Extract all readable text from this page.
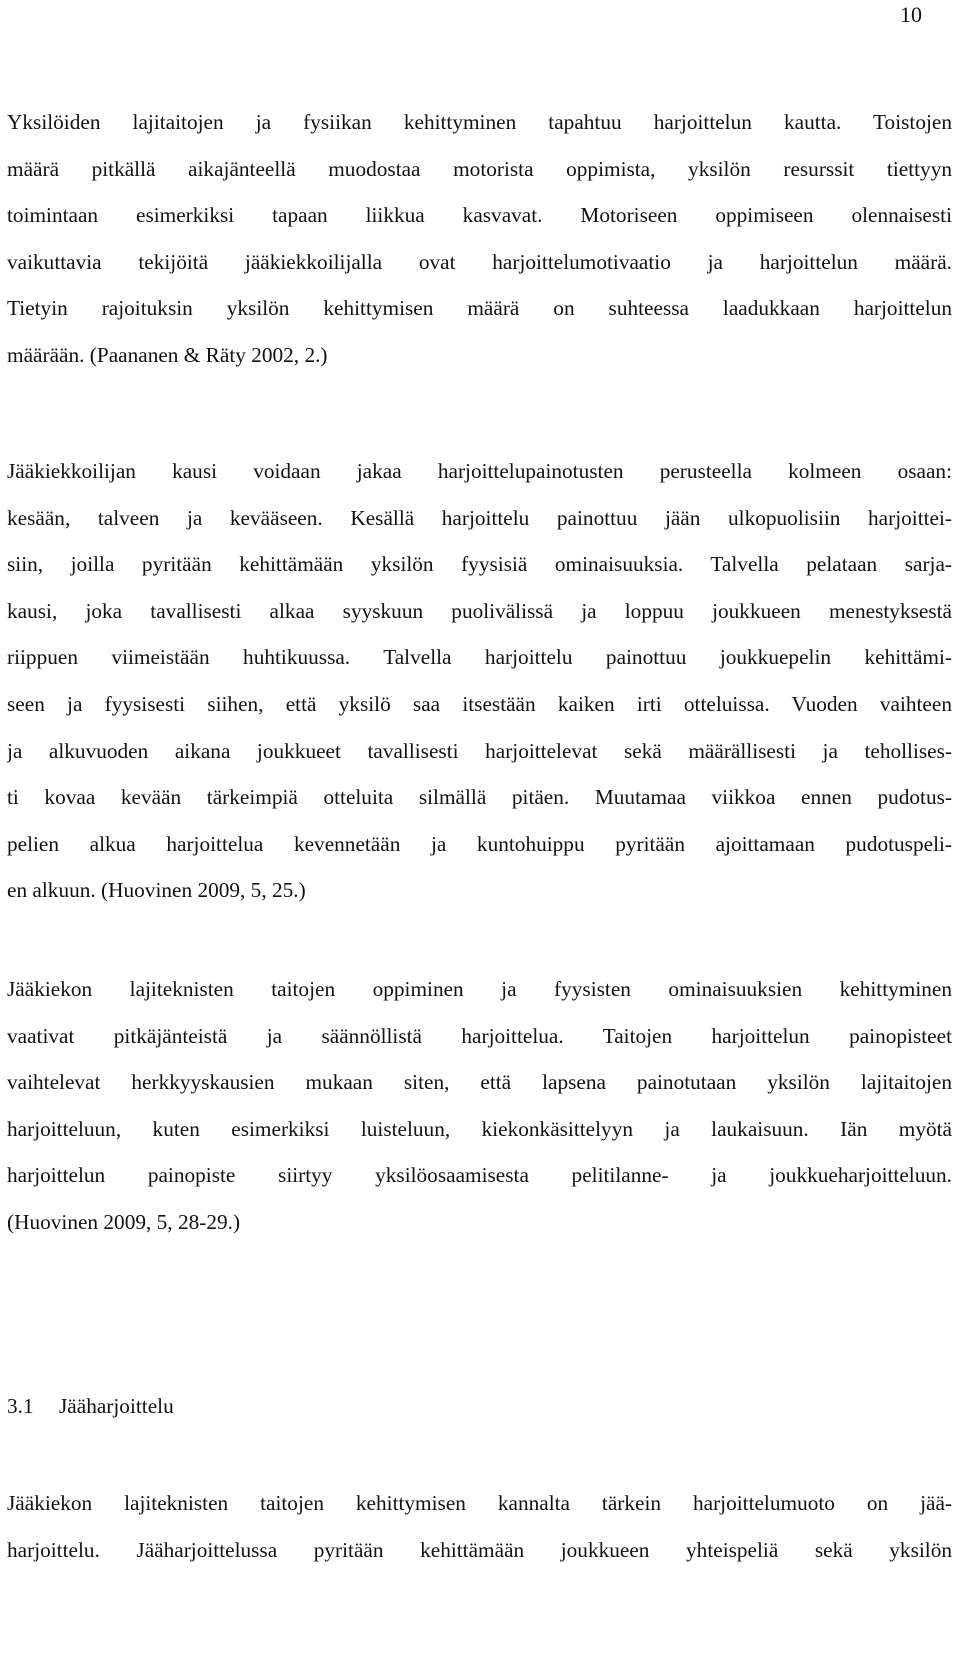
10
Yksilöiden lajitaitojen ja fysiikan kehittyminen tapahtuu harjoittelun kautta. Toistojen
määrä pitkällä aikajänteellä muodostaa motorista oppimista, yksilön resurssit tiettyyn
toimintaan esimerkiksi tapaan liikkua kasvavat. Motoriseen oppimiseen olennaisesti
vaikuttavia tekijöitä jääkiekkoilijalla ovat harjoittelumotivaatio ja harjoittelun määrä.
Tietyin rajoituksin yksilön kehittymisen määrä on suhteessa laadukkaan harjoittelun
määrään. (Paananen & Räty 2002, 2.)
Jääkiekkoilijan kausi voidaan jakaa harjoittelupainotusten perusteella kolmeen osaan:
kesään, talveen ja kevääseen. Kesällä harjoittelu painottuu jään ulkopuolisiin harjoittei-
siin, joilla pyritään kehittämään yksilön fyysisiä ominaisuuksia. Talvella pelataan sarja-
kausi, joka tavallisesti alkaa syyskuun puolivälissä ja loppuu joukkueen menestyksestä
riippuen viimeistään huhtikuussa. Talvella harjoittelu painottuu joukkuepelin kehittämi-
seen ja fyysisesti siihen, että yksilö saa itsestään kaiken irti otteluissa. Vuoden vaihteen
ja alkuvuoden aikana joukkueet tavallisesti harjoittelevat sekä määrällisesti ja tehollises-
ti kovaa kevään tärkeimpiä otteluita silmällä pitäen. Muutamaa viikkoa ennen pudotus-
pelien alkua harjoittelua kevennetään ja kuntohuippu pyritään ajoittamaan pudotuspeli-
en alkuun. (Huovinen 2009, 5, 25.)
Jääkiekon lajiteknisten taitojen oppiminen ja fyysisten ominaisuuksien kehittyminen
vaativat pitkäjänteistä ja säännöllistä harjoittelua. Taitojen harjoittelun painopisteet
vaihtelevat herkkyyskausien mukaan siten, että lapsena painotutaan yksilön lajitaitojen
harjoitteluun, kuten esimerkiksi luisteluun, kiekonkäsittelyyn ja laukaisuun. Iän myötä
harjoittelun painopiste siirtyy yksilöosaamisesta pelitilanne- ja joukkueharjoitteluun.
(Huovinen 2009, 5, 28-29.)
3.1 Jääharjoittelu
Jääkiekon lajiteknisten taitojen kehittymisen kannalta tärkein harjoittelumuoto on jää-
harjoittelu. Jääharjoittelussa pyritään kehittämään joukkueen yhteispeliä sekä yksilön
